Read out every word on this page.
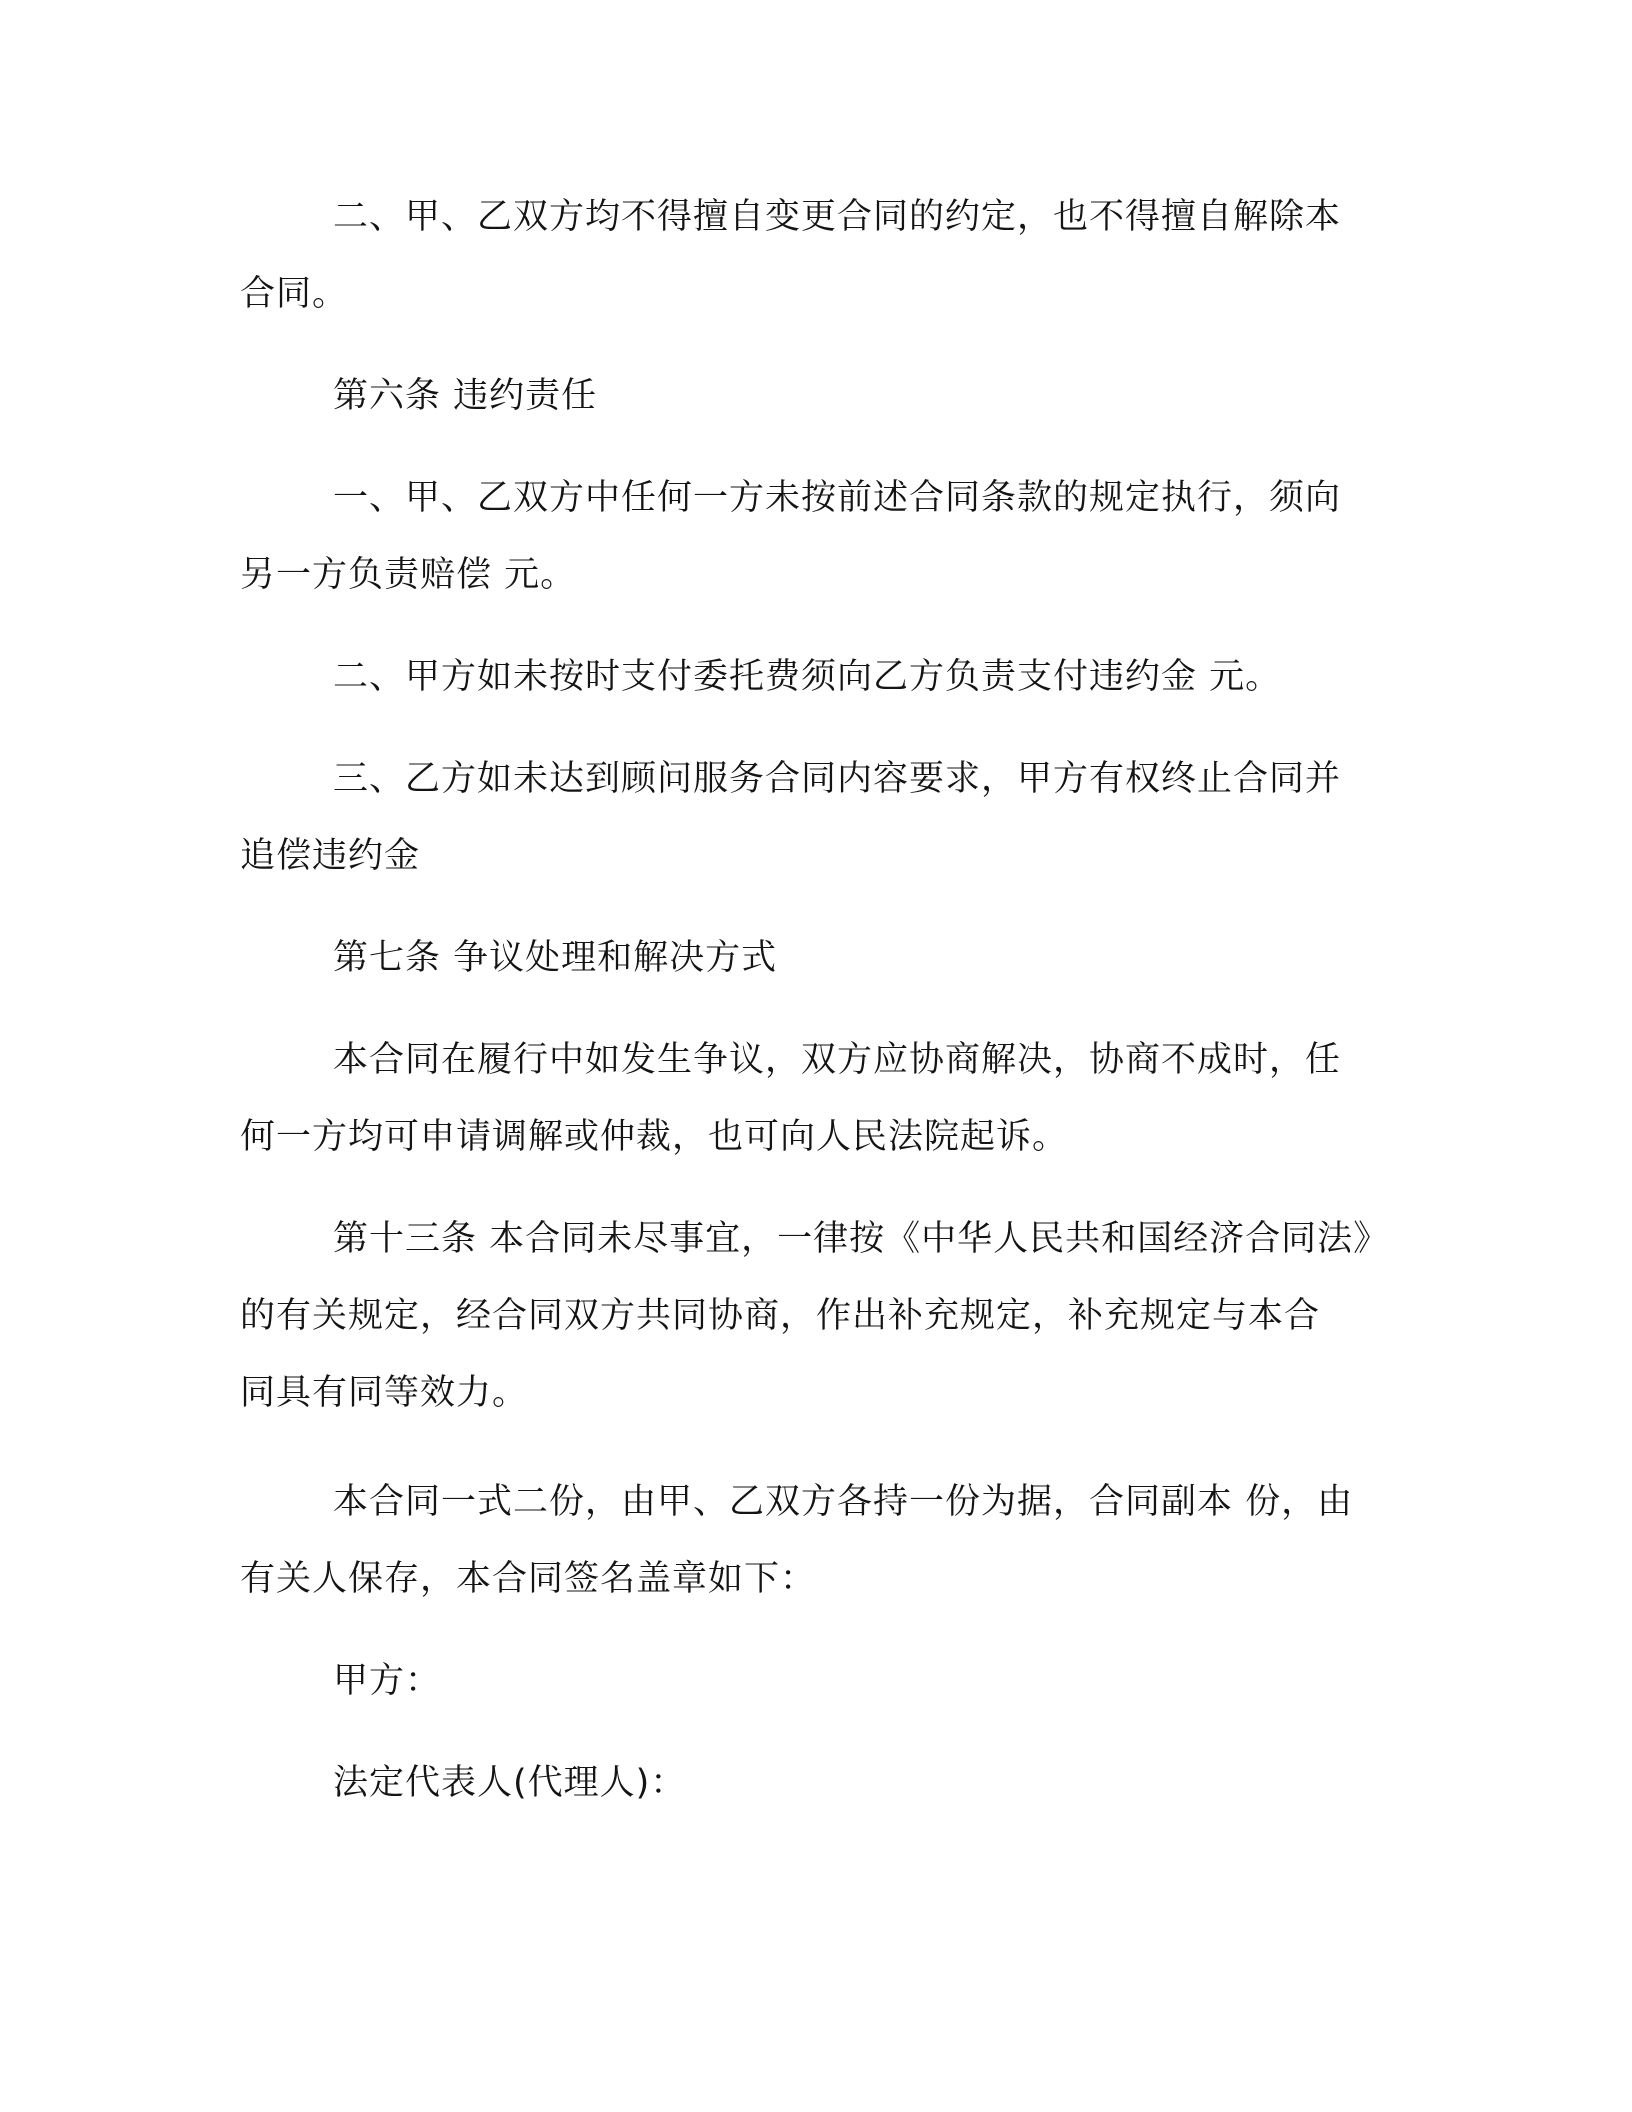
二、甲、乙双方均不得擅自变更合同的约定，也不得擅自解除本
合同。
第六条 违约责任
一、甲、乙双方中任何一方未按前述合同条款的规定执行，须向
另一方负责赔偿 元。
二、甲方如未按时支付委托费须向乙方负责支付违约金 元。
三、乙方如未达到顾问服务合同内容要求，甲方有权终止合同并
追偿违约金
第七条 争议处理和解决方式
本合同在履行中如发生争议，双方应协商解决，协商不成时，任
何一方均可申请调解或仲裁，也可向人民法院起诉。
第十三条 本合同未尽事宜，一律按《中华人民共和国经济合同法》
的有关规定，经合同双方共同协商，作出补充规定，补充规定与本合
同具有同等效力。
本合同一式二份，由甲、乙双方各持一份为据，合同副本 份，由
有关人保存，本合同签名盖章如下：
甲方：
法定代表人(代理人)：
